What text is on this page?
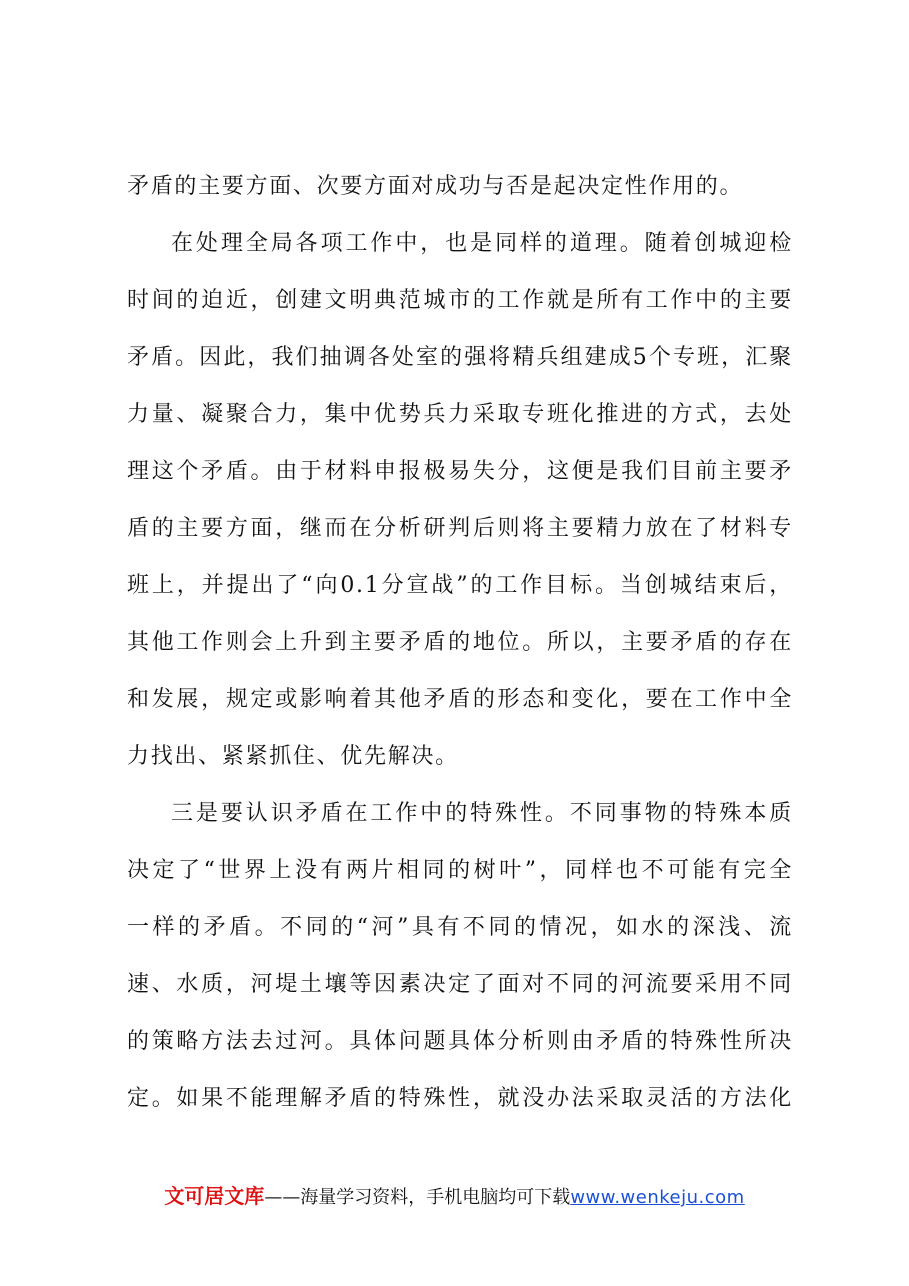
矛盾的主要方面、次要方面对成功与否是起决定性作用的。
在处理全局各项工作中，也是同样的道理。随着创城迎检
时间的迫近，创建文明典范城市的工作就是所有工作中的主要
矛盾。因此，我们抽调各处室的强将精兵组建成5个专班，汇聚
力量、凝聚合力，集中优势兵力采取专班化推进的方式，去处
理这个矛盾。由于材料申报极易失分，这便是我们目前主要矛
盾的主要方面，继而在分析研判后则将主要精力放在了材料专
班上，并提出了“向0.1分宣战”的工作目标。当创城结束后，
其他工作则会上升到主要矛盾的地位。所以，主要矛盾的存在
和发展，规定或影响着其他矛盾的形态和变化，要在工作中全
力找出、紧紧抓住、优先解决。
三是要认识矛盾在工作中的特殊性。不同事物的特殊本质
决定了“世界上没有两片相同的树叶”，同样也不可能有完全
一样的矛盾。不同的“河”具有不同的情况，如水的深浅、流
速、水质，河堤土壤等因素决定了面对不同的河流要采用不同
的策略方法去过河。具体问题具体分析则由矛盾的特殊性所决
定。如果不能理解矛盾的特殊性，就没办法采取灵活的方法化
文可居文库——海量学习资料，手机电脑均可下载www.wenkeju.com
